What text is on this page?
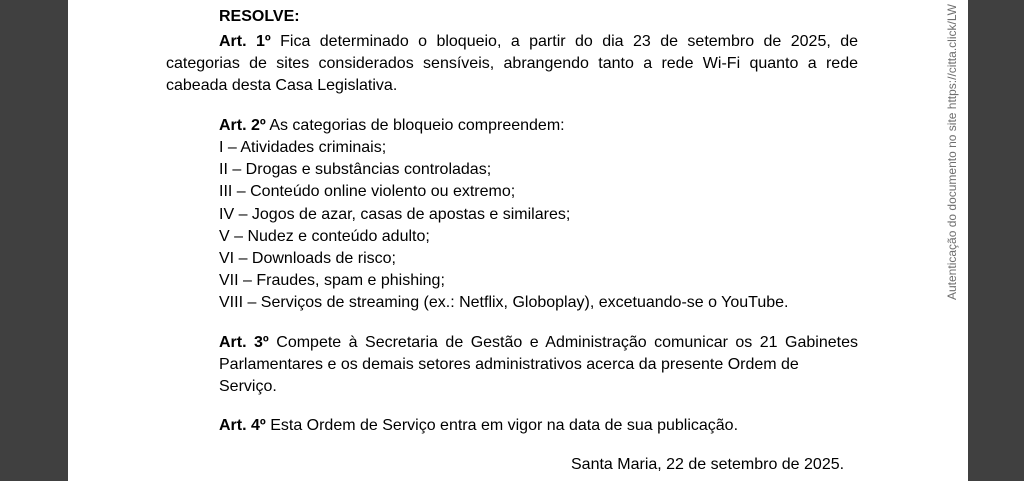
RESOLVE:
Art. 1º Fica determinado o bloqueio, a partir do dia 23 de setembro de 2025, de
categorias de sites considerados sensíveis, abrangendo tanto a rede Wi-Fi quanto a rede
cabeada desta Casa Legislativa.
Art. 2º As categorias de bloqueio compreendem:
I – Atividades criminais;
II – Drogas e substâncias controladas;
III – Conteúdo online violento ou extremo;
IV – Jogos de azar, casas de apostas e similares;
V – Nudez e conteúdo adulto;
VI – Downloads de risco;
VII – Fraudes, spam e phishing;
VIII – Serviços de streaming (ex.: Netflix, Globoplay), excetuando-se o YouTube.
Art. 3º Compete à Secretaria de Gestão e Administração comunicar os 21 Gabinetes
Parlamentares e os demais setores administrativos acerca da presente Ordem de
Serviço.
Art. 4º Esta Ordem de Serviço entra em vigor na data de sua publicação.
Santa Maria, 22 de setembro de 2025.
Autenticação do documento no site https://citta.click/LW
